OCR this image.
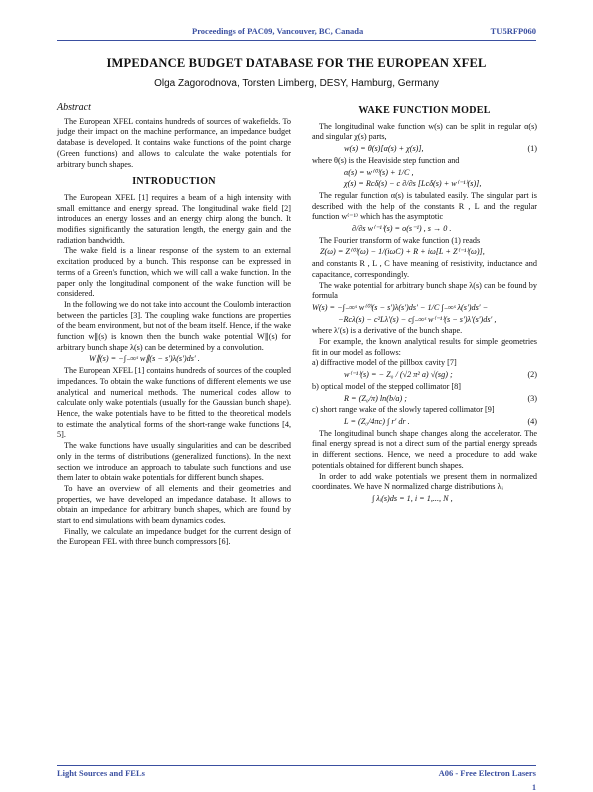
Proceedings of PAC09, Vancouver, BC, Canada	TU5RFP060
IMPEDANCE BUDGET DATABASE FOR THE EUROPEAN XFEL
Olga Zagorodnova, Torsten Limberg, DESY, Hamburg, Germany
Abstract

The European XFEL contains hundreds of sources of wakefields. To judge their impact on the machine performance, an impedance budget database is developed. It contains wake functions of the point charge (Green functions) and allows to calculate the wake potentials for arbitrary bunch shapes.

INTRODUCTION

The European XFEL [1] requires a beam of a high intensity with small emittance and energy spread. The longitudinal wake field [2] introduces an energy losses and an energy chirp along the bunch. It modifies significantly the saturation length, the energy gain and the radiation bandwidth.

The wake field is a linear response of the system to an external excitation produced by a bunch. This response can be expressed in terms of a Green's function, which we will call a wake function. In the paper only the longitudinal component of the wake function will be considered.

In the following we do not take into account the Coulomb interaction between the particles [3]. The coupling wake functions are properties of the beam environment, but not of the beam itself. Hence, if the wake function w∥(s) is known then the bunch wake potential W∥(s) for arbitrary bunch shape λ(s) can be determined by a convolution.

W∥(s) = −∫₋∞ˢ w∥(s − s′)λ(s′)ds′ .

The European XFEL [1] contains hundreds of sources of the coupled impedances. To obtain the wake functions of different elements we use analytical and numerical methods. The numerical codes allow to calculate only wake potentials (usually for the Gaussian bunch shape). Hence, the wake potentials have to be fitted to the theoretical models to estimate the analytical forms of the short-range wake functions [4, 5].

The wake functions have usually singularities and can be described only in the terms of distributions (generalized functions). In the next section we introduce an approach to tabulate such functions and use them later to obtain wake potentials for different bunch shapes.

To have an overview of all elements and their geometries and properties, we have developed an impedance database. It allows to obtain an impedance for arbitrary bunch shapes, which are found by start to end simulations with beam dynamics codes.

Finally, we calculate an impedance budget for the current design of the European FEL with three bunch compressors [6].

WAKE FUNCTION MODEL

The longitudinal wake function w(s) can be split in regular α(s) and singular χ(s) parts,

w(s) = θ(s)[α(s) + χ(s)],	(1)

where θ(s) is the Heaviside step function and

α(s) = w⁽⁰⁾(s) + 1/C ,
χ(s) = Rcδ(s) − c ∂/∂s [Lcδ(s) + w⁽⁻¹⁾(s)],

The regular function α(s) is tabulated easily. The singular part is described with the help of the constants R , L and the regular function w⁽⁻¹⁾ which has the asymptotic

∂/∂s w⁽⁻¹⁾(s) = o(s⁻¹) , s → 0 .

The Fourier transform of wake function (1) reads

Z(ω) = Z⁽⁰⁾(ω) − 1/(iωC) + R + iω[L + Z⁽⁻¹⁾(ω)],

and constants R , L , C have meaning of resistivity, inductance and capacitance, correspondingly.

The wake potential for arbitrary bunch shape λ(s) can be found by formula

W(s) = −∫₋∞ˢ w⁽⁰⁾(s − s′)λ(s′)ds′ − 1/C ∫₋∞ˢ λ(s′)ds′ −
−Rcλ(s) − c²Lλ′(s) − c∫₋∞ˢ w⁽⁻¹⁾(s − s′)λ′(s′)ds′ ,

where λ′(s) is a derivative of the bunch shape.

For example, the known analytical results for simple geometries fit in our model as follows:

a) diffractive model of the pillbox cavity [7]
w⁽⁻¹⁾(s) = − Z₀ / (√2 π² a) √(sg) ;	(2)
b) optical model of the stepped collimator [8]
R = (Z₀/π) ln(b/a) ;	(3)
c) short range wake of the slowly tapered collimator [9]
L = (Z₀/4πc) ∫ r′ dr .	(4)

The longitudinal bunch shape changes along the accelerator. The final energy spread is not a direct sum of the partial energy spreads in different sections. Hence, we need a procedure to add wake potentials obtained for different bunch shapes.

In order to add wake potentials we present them in normalized coordinates. We have N normalized charge distributions λᵢ

∫ λᵢ(s)ds = 1, i = 1,..., N ,
Light Sources and FELs	A06 - Free Electron Lasers
1
